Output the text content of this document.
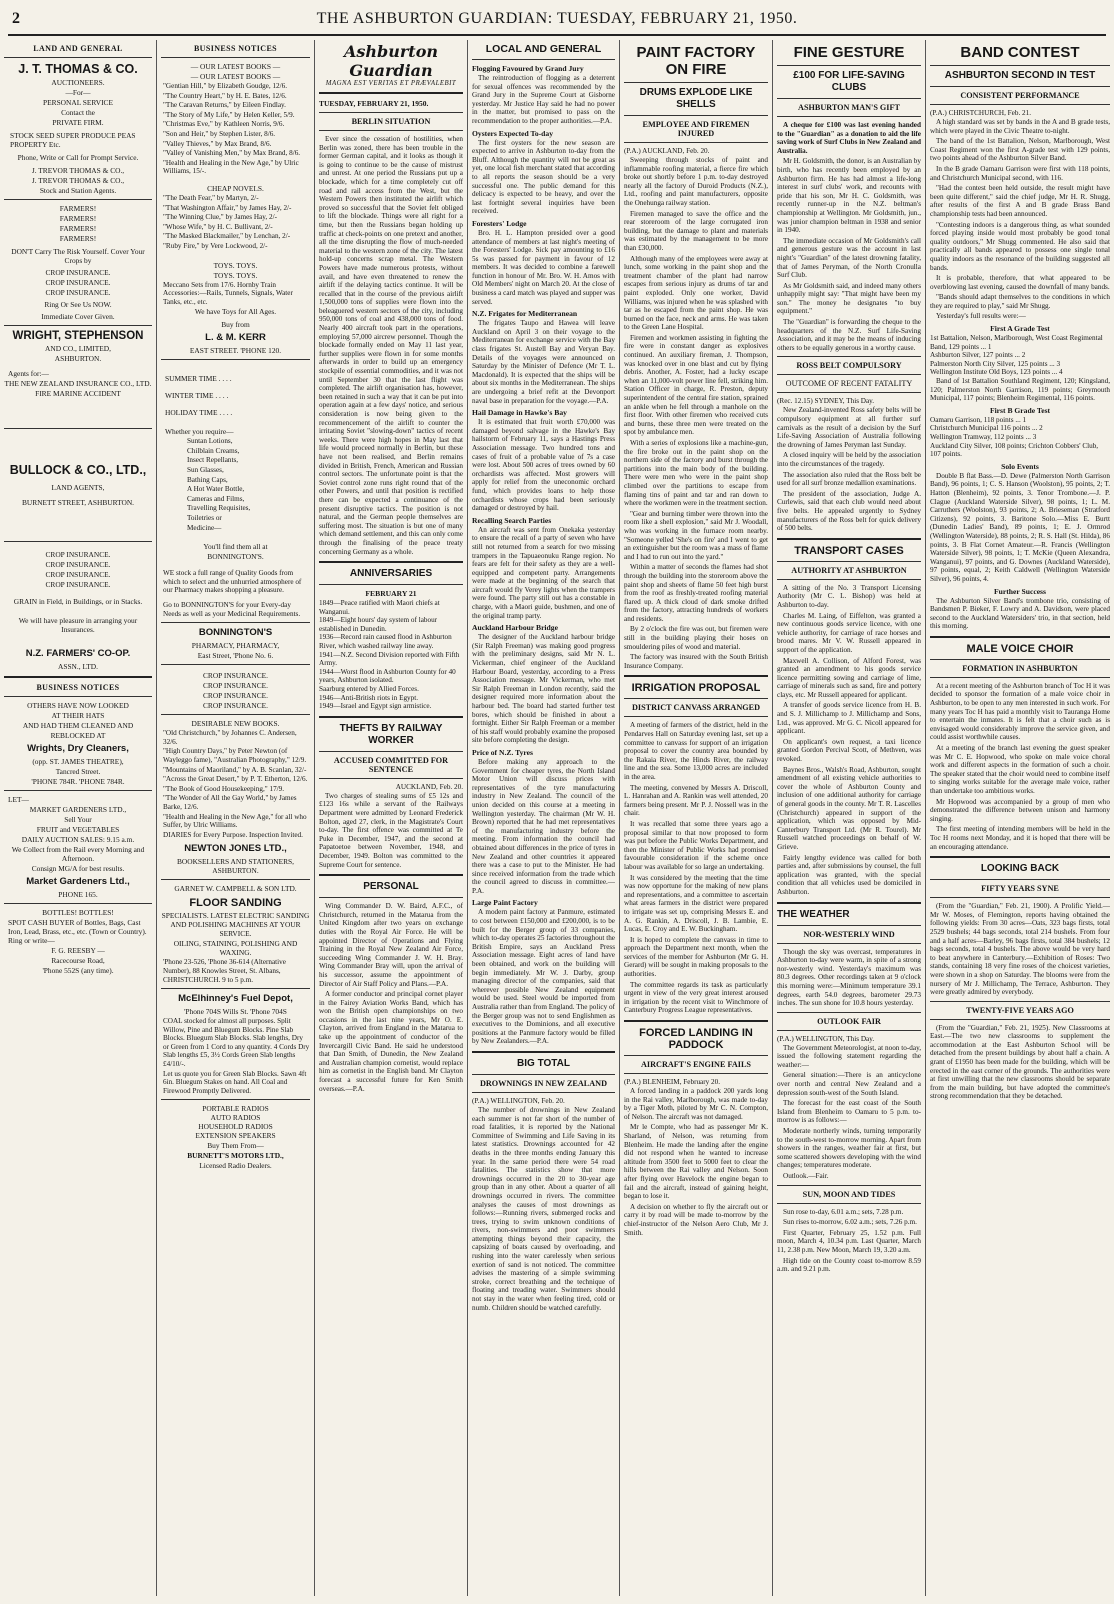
2	THE ASHBURTON GUARDIAN: TUESDAY, FEBRUARY 21, 1950.
LAND AND GENERAL
J. T. THOMAS & CO.
AUCTIONEERS.
—For—
PERSONAL SERVICE
Contact the
PRIVATE FIRM.
STOCK SEED SUPER PRODUCE PEAS PROPERTY Etc.
Phone, Write or Call for Prompt Service.
J. TREVOR THOMAS & CO.,
J. TREVOR THOMAS & CO.,
Stock and Station Agents.
FARMERS!
FARMERS!
FARMERS!
FARMERS!
DON'T Carry The Risk Yourself. Cover Your Crops by
CROP INSURANCE.
CROP INSURANCE.
CROP INSURANCE.
Ring Or See Us NOW.
Immediate Cover Given.
WRIGHT, STEPHENSON
AND CO., LIMITED,
ASHBURTON.
Agents for:—
THE NEW ZEALAND INSURANCE CO., LTD.
FIRE MARINE ACCIDENT
BULLOCK & CO., LTD.,
LAND AGENTS,
BURNETT STREET, ASHBURTON.
CROP INSURANCE.
CROP INSURANCE.
CROP INSURANCE.
CROP INSURANCE.
GRAIN in Field, in Buildings, or in Stacks.
We will have pleasure in arranging your Insurances.
N.Z. FARMERS' CO-OP.
ASSN., LTD.
BUSINESS NOTICES
OTHERS HAVE NOW LOOKED
AT THEIR HATS
AND HAD THEM CLEANED AND
REBLOCKED AT
Wrights, Dry Cleaners,
(opp. ST. JAMES THEATRE),
Tancred Street.
'PHONE 784R. 'PHONE 784R.
LET—
MARKET GARDENERS LTD.,
Sell Your
FRUIT and VEGETABLES
DAILY AUCTION SALES: 9.15 a.m.
We Collect from the Rail every Morning and Afternoon.
Consign MG/A for best results.
Market Gardeners Ltd.,
PHONE 165.
BOTTLES! BOTTLES!
SPOT CASH BUYER of Bottles, Bags, Cast Iron, Lead, Brass, etc., etc. (Town or Country). Ring or write—
F. G. REESBY —
Racecourse Road,
'Phone 552S (any time).
BUSINESS NOTICES
— OUR LATEST BOOKS —
— OUR LATEST BOOKS —
"Gentian Hill," by Elizabeth Goudge, 12/6.
"The Country Heart," by H. E. Bates, 12/6.
"The Caravan Returns," by Eileen Findlay.
"The Story of My Life," by Helen Keller, 5/9.
"Christmas Eve," by Kathleen Norris, 9/6.
"Son and Heir," by Stephen Lister, 8/6.
"Valley Thieves," by Max Brand, 8/6.
"Valley of Vanishing Men," by Max Brand, 8/6.
"Health and Healing in the New Age," by Ulric Williams, 15/-.
CHEAP NOVELS.
"The Death Fear," by Martyn, 2/-
"That Washington Affair," by James Hay, 2/-
"The Winning Clue," by James Hay, 2/-
"Whose Wife," by H. C. Bullivant, 2/-
"The Masked Blackmailer," by Lenchan, 2/-
"Ruby Fire," by Vere Lockwood, 2/-
TOYS. TOYS.
TOYS. TOYS.
Meccano Sets from 17/6. Hornby Train Accessories:—Rails, Tunnels, Signals, Water Tanks, etc., etc.
We have Toys for All Ages.
Buy from
L. & M. KERR
EAST STREET. 'PHONE 120.
SUMMER TIME . . . .
WINTER TIME . . . .
HOLIDAY TIME . . . .
Whether you require—
Suntan Lotions,
Chilblain Creams,
Insect Repellants,
Sun Glasses,
Bathing Caps,
A Hot Water Bottle,
Cameras and Films,
Travelling Requisites,
Toiletries or
Medicine—
You'll find them all at
BONNINGTON'S.
WE stock a full range of Quality Goods from which to select and the unhurried atmosphere of our Pharmacy makes shopping a pleasure.
Go to BONNINGTON'S for your Every-day Needs as well as your Medicinal Requirements.
BONNINGTON'S
PHARMACY, PHARMACY,
East Street, 'Phone No. 6.
CROP INSURANCE.
CROP INSURANCE.
CROP INSURANCE.
CROP INSURANCE.
DESIRABLE NEW BOOKS.
"Old Christchurch," by Johannes C. Andersen, 32/6.
"High Country Days," by Peter Newton (of Wayleggo fame), "Australian Photography," 12/9.
"Mountains of Maoriland," by A. B. Scanlan, 32/-
"Across the Great Desert," by P. T. Etherton, 12/6.
"The Book of Good Housekeeping," 17/9.
"The Wonder of All the Gay World," by James Barke, 12/6.
"Health and Healing in the New Age," for all who Suffer, by Ulric Williams.
DIARIES for Every Purpose. Inspection Invited.
NEWTON JONES LTD.,
BOOKSELLERS AND STATIONERS, ASHBURTON.
GARNET W. CAMPBELL & SON LTD.
FLOOR SANDING
SPECIALISTS. LATEST ELECTRIC SANDING AND POLISHING MACHINES AT YOUR SERVICE.
OILING, STAINING, POLISHING AND WAXING.
'Phone 23-526, 'Phone 36-614 (Alternative Number), 88 Knowles Street, St. Albans, CHRISTCHURCH. 9 to 5 p.m.
McElhinney's Fuel Depot,
'Phone 704S Wills St. 'Phone 704S
COAL stocked for almost all purposes. Split Willow, Pine and Bluegum Blocks. Pine Slab Blocks. Bluegum Slab Blocks. Slab lengths, Dry or Green from 1 Cord to any quantity. 4 Cords Dry Slab lengths £5, 3½ Cords Green Slab lengths £4/10/-.
Let us quote you for Green Slab Blocks. Sawn 4ft 6in. Bluegum Stakes on hand. All Coal and Firewood Promptly Delivered.
PORTABLE RADIOS
AUTO RADIOS
HOUSEHOLD RADIOS
EXTENSION SPEAKERS
Buy Them From—
BURNETT'S MOTORS LTD.,
Licensed Radio Dealers.
Ashburton Guardian
MAGNA EST VERITAS ET PRÆVALEBIT
TUESDAY, FEBRUARY 21, 1950.
BERLIN SITUATION

Ever since the cessation of hostilities, when Berlin was zoned, there has been trouble in the former German capital, and it looks as though it is going to continue to be the cause of mistrust and unrest. At one period the Russians put up a blockade, which for a time completely cut off road and rail access from the West, but the Western Powers then instituted the airlift which proved so successful that the Soviet felt obliged to lift the blockade. Things were all right for a time, but then the Russians began holding up traffic at check-points on one pretext and another, all the time disrupting the flow of much-needed material to the western zone of the city. The latest hold-up concerns scrap metal. The Western Powers have made numerous protests, without avail, and have even threatened to renew the airlift if the delaying tactics continue. It will be recalled that in the course of the previous airlift 1,500,000 tons of supplies were flown into the beleaguered western sectors of the city, including 950,000 tons of coal and 438,000 tons of food. Nearly 400 aircraft took part in the operations, employing 57,000 aircrew personnel. Though the blockade formally ended on May 11 last year, further supplies were flown in for some months afterwards in order to build up an emergency stockpile of essential commodities, and it was not until September 30 that the last flight was completed. The airlift organisation has, however, been retained in such a way that it can be put into operation again at a few days' notice, and serious consideration is now being given to the recommencement of the airlift to counter the irritating Soviet "slowing-down" tactics of recent weeks. There were high hopes in May last that life would proceed normally in Berlin, but these have not been realised, and Berlin remains divided in British, French, American and Russian control sectors. The unfortunate point is that the Soviet control zone runs right round that of the other Powers, and until that position is rectified there can be expected a continuance of the present disruptive tactics. The position is not natural, and the German people themselves are suffering most. The situation is but one of many which demand settlement, and this can only come through the finalising of the peace treaty concerning Germany as a whole.

ANNIVERSARIES
FEBRUARY 21
1849—Peace ratified with Maori chiefs at Wanganui.
1849—Eight hours' day system of labour established in Dunedin.
1936—Record rain caused flood in Ashburton River, which washed railway line away.
1941—N.Z. Second Division reported with Fifth Army.
1944—Worst flood in Ashburton County for 40 years, Ashburton isolated.
Saarburg entered by Allied Forces.
1946—Anti-British riots in Egypt.
1949—Israel and Egypt sign armistice.
THEFTS BY RAILWAY WORKER
ACCUSED COMMITTED FOR SENTENCE
AUCKLAND, Feb. 20.

Two charges of stealing sums of £5 12s and £123 16s while a servant of the Railways Department were admitted by Leonard Frederick Bolton, aged 27, clerk, in the Magistrate's Court to-day. The first offence was committed at Te Puke in December, 1947, and the second at Papatoetoe between November, 1948, and December, 1949. Bolton was committed to the Supreme Court for sentence.

PERSONAL

Wing Commander D. W. Baird, A.F.C., of Christchurch, returned in the Matarua from the United Kingdom after two years on exchange duties with the Royal Air Force. He will be appointed Director of Operations and Flying Training in the Royal New Zealand Air Force, succeeding Wing Commander J. W. H. Bray. Wing Commander Bray will, upon the arrival of his successor, assume the appointment of Director of Air Staff Policy and Plans.—P.A.

A former conductor and principal cornet player in the Fairey Aviation Works Band, which has won the British open championships on two occasions in the last nine years, Mr O. E. Clayton, arrived from England in the Matarua to take up the appointment of conductor of the Invercargill Civic Band. He said he understood that Dan Smith, of Dunedin, the New Zealand and Australian champion cornetist, would replace him as cornetist in the English band. Mr Clayton forecast a successful future for Ken Smith overseas.—P.A.

LOCAL AND GENERAL
Flogging Favoured by Grand Jury

The reintroduction of flogging as a deterrent for sexual offences was recommended by the Grand Jury in the Supreme Court at Gisborne yesterday. Mr Justice Hay said he had no power in the matter, but promised to pass on the recommendation to the proper authorities.—P.A.

Oysters Expected To-day

The first oysters for the new season are expected to arrive in Ashburton to-day from the Bluff. Although the quantity will not be great as yet, one local fish merchant stated that according to all reports the season should be a very successful one. The public demand for this delicacy is expected to be heavy, and over the last fortnight several inquiries have been received.

Foresters' Lodge

Bro. H. L. Hampton presided over a good attendance of members at last night's meeting of the Foresters' Lodge. Sick pay amounting to £16 5s was passed for payment in favour of 12 members. It was decided to combine a farewell function in honour of Mr. Bro. W. H. Amos with Old Members' night on March 20. At the close of business a card match was played and supper was served.

N.Z. Frigates for Mediterranean

The frigates Taupo and Hawea will leave Auckland on April 3 on their voyage to the Mediterranean for exchange service with the Bay class frigates St. Austell Bay and Veryan Bay. Details of the voyages were announced on Saturday by the Minister of Defence (Mr T. L. Macdonald). It is expected that the ships will be about six months in the Mediterranean. The ships are undergoing a brief refit at the Devonport naval base in preparation for the voyage.—P.A.

Hail Damage in Hawke's Bay

It is estimated that fruit worth £70,000 was damaged beyond salvage in the Hawke's Bay hailstorm of February 11, says a Hastings Press Association message. Two hundred tons and cases of fruit of a probable value of 7s a case were lost. About 500 acres of trees owned by 60 orchardists was affected. Most growers will apply for relief from the uneconomic orchard fund, which provides loans to help those orchardists whose crops had been seriously damaged or destroyed by hail.

Recalling Search Parties

An aircraft was sent from Onekaka yesterday to ensure the recall of a party of seven who have still not returned from a search for two missing trampers in the Tapuaeonuku Range region. No fears are felt for their safety as they are a well-equipped and competent party. Arrangements were made at the beginning of the search that aircraft would fly Verey lights when the trampers were found. The party still out has a constable in charge, with a Maori guide, bushmen, and one of the original tramp party.

Auckland Harbour Bridge

The designer of the Auckland harbour bridge (Sir Ralph Freeman) was making good progress with the preliminary designs, said Mr N. L. Vickerman, chief engineer of the Auckland Harbour Board, yesterday, according to a Press Association message. Mr Vickerman, who met Sir Ralph Freeman in London recently, said the designer required more information about the harbour bed. The board had started further test bores, which should be finished in about a fortnight. Either Sir Ralph Freeman or a member of his staff would probably examine the proposed site before completing the design.

Price of N.Z. Tyres

Before making any approach to the Government for cheaper tyres, the North Island Motor Union will discuss prices with representatives of the tyre manufacturing industry in New Zealand. The council of the union decided on this course at a meeting in Wellington yesterday. The chairman (Mr W. H. Brown) reported that he had met representatives of the manufacturing industry before the meeting. From information the council had obtained about differences in the price of tyres in New Zealand and other countries it appeared there was a case to put to the Minister. He had since received information from the trade which the council agreed to discuss in committee.—P.A.

Large Paint Factory

A modern paint factory at Panmure, estimated to cost between £150,000 and £200,000, is to be built for the Berger group of 33 companies, which to-day operates 25 factories throughout the British Empire, says an Auckland Press Association message. Eight acres of land have been obtained, and work on the building will begin immediately. Mr W. J. Darby, group managing director of the companies, said that wherever possible New Zealand equipment would be used. Steel would be imported from Australia rather than from England. The policy of the Berger group was not to send Englishmen as executives to the Dominions, and all executive positions at the Panmure factory would be filled by New Zealanders.—P.A.

BIG TOTAL
DROWNINGS IN NEW ZEALAND
(P.A.) WELLINGTON, Feb. 20.

The number of drownings in New Zealand each summer is not far short of the number of road fatalities, it is reported by the National Committee of Swimming and Life Saving in its latest statistics. Drownings accounted for 42 deaths in the three months ending January this year. In the same period there were 54 road fatalities. The statistics show that more drownings occurred in the 20 to 30-year age group than in any other. About a quarter of all drownings occurred in rivers. The committee analyses the causes of most drownings as follows:—Running rivers, submerged rocks and trees, trying to swim unknown conditions of rivers, non-swimmers and poor swimmers attempting things beyond their capacity, the capsizing of boats caused by overloading, and rushing into the water carelessly when serious exertion of sand is not noticed. The committee advises the mastering of a simple swimming stroke, correct breathing and the technique of floating and treading water. Swimmers should not stay in the water when feeling tired, cold or numb. Children should be watched carefully.

PAINT FACTORY ON FIRE
DRUMS EXPLODE LIKE SHELLS
EMPLOYEE AND FIREMEN INJURED
(P.A.) AUCKLAND, Feb. 20.

Sweeping through stocks of paint and inflammable roofing material, a fierce fire which broke out shortly before 1 p.m. to-day destroyed nearly all the factory of Duroid Products (N.Z.), Ltd., roofing and paint manufacturers, opposite the Onehunga railway station.

Firemen managed to save the office and the rear storeroom of the large corrugated iron building, but the damage to plant and materials was estimated by the management to be more than £30,000.

Although many of the employees were away at lunch, some working in the paint shop and the treatment chamber of the plant had narrow escapes from serious injury as drums of tar and paint exploded. Only one worker, David Williams, was injured when he was splashed with tar as he escaped from the paint shop. He was burned on the face, neck and arms. He was taken to the Green Lane Hospital.

Firemen and workmen assisting in fighting the fire were in constant danger as explosives continued. An auxiliary fireman, J. Thompson, was knocked over in one blast and cut by flying debris. Another, A. Foster, had a lucky escape when an 11,000-volt power line fell, striking him. Station Officer in charge, R. Preston, deputy superintendent of the central fire station, sprained an ankle when he fell through a manhole on the first floor. With other firemen who received cuts and burns, these three men were treated on the spot by ambulance men.

With a series of explosions like a machine-gun, the fire broke out in the paint shop on the northern side of the factory and burst through the partitions into the main body of the building. There were men who were in the paint shop climbed over the partitions to escape from flaming tins of paint and tar and ran down to where the workmen were in the treatment section.

"Gear and burning timber were thrown into the room like a shell explosion," said Mr J. Woodall, who was working in the furnace room nearby. "Someone yelled 'She's on fire' and I went to get an extinguisher but the room was a mass of flame and I had to run out into the yard."

Within a matter of seconds the flames had shot through the building into the storeroom above the paint shop and sheets of flame 50 feet high burst from the roof as freshly-treated roofing material flared up. A thick cloud of dark smoke drifted from the factory, attracting hundreds of workers and residents.

By 2 o'clock the fire was out, but firemen were still in the building playing their hoses on smouldering piles of wood and material.

The factory was insured with the South British Insurance Company.

IRRIGATION PROPOSAL
DISTRICT CANVASS ARRANGED

A meeting of farmers of the district, held in the Pendarves Hall on Saturday evening last, set up a committee to canvass for support of an irrigation proposal to cover the country area bounded by the Rakaia River, the Hinds River, the railway line and the sea. Some 13,000 acres are included in the area.

The meeting, convened by Messrs A. Driscoll, L. Hanrahan and A. Rankin was well attended, 20 farmers being present. Mr P. J. Nossell was in the chair.

It was recalled that some three years ago a proposal similar to that now proposed to form was put before the Public Works Department, and then the Minister of Public Works had promised favourable consideration if the scheme once labour was available for so large an undertaking.

It was considered by the meeting that the time was now opportune for the making of new plans and representations, and a committee to ascertain what areas farmers in the district were prepared to irrigate was set up, comprising Messrs E. and A. G. Rankin, A. Driscoll, J. B. Lambie, E. Lucas, E. Croy and E. W. Buckingham.

It is hoped to complete the canvass in time to approach the Department next month, when the services of the member for Ashburton (Mr G. H. Gerard) will be sought in making proposals to the authorities.

The committee regards its task as particularly urgent in view of the very great interest aroused in irrigation by the recent visit to Winchmore of Canterbury Progress League representatives.

FORCED LANDING IN PADDOCK
AIRCRAFT'S ENGINE FAILS
(P.A.) BLENHEIM, February 20.

A forced landing in a paddock 200 yards long in the Rai valley, Marlborough, was made to-day by a Tiger Moth, piloted by Mr C. N. Compton, of Nelson. The aircraft was not damaged.

Mr le Compte, who had as passenger Mr K. Sharland, of Nelson, was returning from Blenheim. He made the landing after the engine did not respond when he wanted to increase altitude from 3500 feet to 5000 feet to clear the hills between the Rai valley and Nelson. Soon after flying over Havelock the engine began to fail and the aircraft, instead of gaining height, began to lose it.

A decision on whether to fly the aircraft out or carry it by road will be made to-morrow by the chief-instructor of the Nelson Aero Club, Mr J. Smith.

FINE GESTURE
£100 FOR LIFE-SAVING CLUBS
ASHBURTON MAN'S GIFT

A cheque for £100 was last evening handed to the "Guardian" as a donation to aid the life saving work of Surf Clubs in New Zealand and Australia.

Mr H. Goldsmith, the donor, is an Australian by birth, who has recently been employed by an Ashburton firm. He has had almost a life-long interest in surf clubs' work, and recounts with pride that his son, Mr H. C. Goldsmith, was recently runner-up in the N.Z. beltman's championship at Wellington. Mr Goldsmith, jun., was junior champion beltman in 1938 and senior in 1940.

The immediate occasion of Mr Goldsmith's call and generous gesture was the account in last night's "Guardian" of the latest drowning fatality, that of James Peryman, of the North Cronulla Surf Club.

As Mr Goldsmith said, and indeed many others unhappily might say: "That might have been my son." The money he designates "to buy equipment."

The "Guardian" is forwarding the cheque to the headquarters of the N.Z. Surf Life-Saving Association, and it may be the means of inducing others to be equally generous in a worthy cause.

ROSS BELT COMPULSORY
OUTCOME OF RECENT FATALITY
(Rec. 12.15) SYDNEY, This Day.

New Zealand-invented Ross safety belts will be compulsory equipment at all further surf carnivals as the result of a decision by the Surf Life-Saving Association of Australia following the drowning of James Peryman last Sunday.

A closed inquiry will be held by the association into the circumstances of the tragedy.

The association also ruled that the Ross belt be used for all surf bronze medallion examinations.

The president of the association, Judge A. Curlewis, said that each club would need about five belts. He appealed urgently to Sydney manufacturers of the Ross belt for quick delivery of 500 belts.

TRANSPORT CASES
AUTHORITY AT ASHBURTON

A sitting of the No. 3 Transport Licensing Authority (Mr C. L. Bishop) was held at Ashburton to-day.

Charles M. Laing, of Eiffelton, was granted a new continuous goods service licence, with one vehicle authority, for carriage of race horses and brood mares. Mr V. W. Russell appeared in support of the application.

Maxwell A. Collison, of Alford Forest, was granted an amendment to his goods service licence permitting sowing and carriage of lime, carriage of minerals such as sand, fire and pottery clays, etc. Mr Russell appeared for applicant.

A transfer of goods service licence from H. B. and S. J. Millichamp to J. Millichamp and Sons, Ltd., was approved. Mr G. C. Nicoll appeared for applicant.

On applicant's own request, a taxi licence granted Gordon Percival Scott, of Methven, was revoked.

Baynes Bros., Walsh's Road, Ashburton, sought amendment of all existing vehicle authorities to cover the whole of Ashburton County and inclusion of one additional authority for carriage of general goods in the county. Mr T. R. Lascelles (Christchurch) appeared in support of the application, which was opposed by Mid-Canterbury Transport Ltd. (Mr R. Tourel). Mr Russell watched proceedings on behalf of W. Grieve.

Fairly lengthy evidence was called for both parties and, after submissions by counsel, the full application was granted, with the special condition that all vehicles used be domiciled in Ashburton.

THE WEATHER
NOR-WESTERLY WIND

Though the sky was overcast, temperatures in Ashburton to-day were warm, in spite of a strong nor-westerly wind. Yesterday's maximum was 80.3 degrees. Other recordings taken at 9 o'clock this morning were:—Minimum temperature 39.1 degrees, earth 54.0 degrees, barometer 29.73 inches. The sun shone for 10.8 hours yesterday.

OUTLOOK FAIR
(P.A.) WELLINGTON, This Day.

The Government Meteorologist, at noon to-day, issued the following statement regarding the weather:—

General situation:—There is an anticyclone over north and central New Zealand and a depression south-west of the South Island.

The forecast for the east coast of the South Island from Blenheim to Oamaru to 5 p.m. to-morrow is as follows:—

Moderate northerly winds, turning temporarily to the south-west to-morrow morning. Apart from showers in the ranges, weather fair at first, but some scattered showers developing with the wind changes; temperatures moderate.

Outlook.—Fair.

SUN, MOON AND TIDES

Sun rose to-day, 6.01 a.m.; sets, 7.28 p.m.

Sun rises to-morrow, 6.02 a.m.; sets, 7.26 p.m.

First Quarter, February 25, 1.52 p.m. Full moon, March 4, 10.34 p.m. Last Quarter, March 11, 2.38 p.m. New Moon, March 19, 3.20 a.m.

High tide on the County coast to-morrow 8.59 a.m. and 9.21 p.m.

BAND CONTEST
ASHBURTON SECOND IN TEST
CONSISTENT PERFORMANCE
(P.A.) CHRISTCHURCH, Feb. 21.

A high standard was set by bands in the A and B grade tests, which were played in the Civic Theatre to-night.

The band of the 1st Battalion, Nelson, Marlborough, West Coast Regiment won the first A-grade test with 129 points, two points ahead of the Ashburton Silver Band.

In the B grade Oamaru Garrison were first with 118 points, and Christchurch Municipal second, with 116.

"Had the contest been held outside, the result might have been quite different," said the chief judge, Mr H. R. Shugg, after results of the first A and B grade Brass Band championship tests had been announced.

"Contesting indoors is a dangerous thing, as what sounded forced playing inside would most probably be good tonal quality outdoors," Mr Shugg commented. He also said that practically all bands appeared to possess one single tonal quality indoors as the resonance of the building suggested all bands.

It is probable, therefore, that what appeared to be overblowing last evening, caused the downfall of many bands.

"Bands should adapt themselves to the conditions in which they are required to play," said Mr Shugg.

Yesterday's full results were:—

First A Grade Test
1st Battalion, Nelson, Marlborough, West Coast Regimental Band, 129 points ... 1
Ashburton Silver, 127 points ... 2
Palmerston North City Silver, 125 points ... 3
Wellington Institute Old Boys, 123 points ... 4

Band of 1st Battalion Southland Regiment, 120; Kingsland, 120; Palmerston North Garrison, 119 points; Greymouth Municipal, 117 points; Blenheim Regimental, 116 points.

First B Grade Test
Oamaru Garrison, 118 points ... 1
Christchurch Municipal 116 points ... 2
Wellington Tramway, 112 points ... 3
Auckland City Silver, 108 points; Crichton Cobbers' Club, 107 points.
Solo Events

Double B flat Bass.—D. Dewe (Palmerston North Garrison Band), 96 points, 1; C. S. Hanson (Woolston), 95 points, 2; T. Hatton (Blenheim), 92 points, 3. Tenor Trombone.—J. P. Clague (Auckland Waterside Silver), 98 points, 1; L. M. Carruthers (Woolston), 93 points, 2; A. Brieseman (Stratford Citizens), 92 points, 3. Baritone Solo.—Miss E. Burtt (Dunedin Ladies' Band), 89 points, 1; E. J. Ormrod (Wellington Waterside), 88 points, 2; R. S. Hall (St. Hilda), 86 points, 3. B Flat Cornet Amateur.—R. Francis (Wellington Waterside Silver), 98 points, 1; T. McKie (Queen Alexandra, Wanganui), 97 points, and G. Downes (Auckland Waterside), 97 points, equal, 2; Keith Caldwell (Wellington Waterside Silver), 96 points, 4.

Further Success

The Ashburton Silver Band's trombone trio, consisting of Bandsmen P. Bieker, F. Lowry and A. Davidson, were placed second to the Auckland Watersiders' trio, in that section, held this morning.

MALE VOICE CHOIR
FORMATION IN ASHBURTON

At a recent meeting of the Ashburton branch of Toc H it was decided to sponsor the formation of a male voice choir in Ashburton, to be open to any men interested in such work. For many years Toc H has paid a monthly visit to Tauranga Home to entertain the inmates. It is felt that a choir such as is envisaged would considerably improve the service given, and could assist worthwhile causes.

At a meeting of the branch last evening the guest speaker was Mr C. E. Hopwood, who spoke on male voice choral work and different aspects in the formation of such a choir. The speaker stated that the choir would need to combine itself to singing works suitable for the average male voice, rather than undertake too ambitious works.

Mr Hopwood was accompanied by a group of men who demonstrated the difference between unison and harmony singing.

The first meeting of intending members will be held in the Toc H rooms next Monday, and it is hoped that there will be an encouraging attendance.

LOOKING BACK
FIFTY YEARS SYNE

(From the "Guardian," Feb. 21, 1900). A Prolific Yield.—Mr W. Moses, of Flemington, reports having obtained the following yields: From 30 acres—Oats, 323 bags firsts, total 2529 bushels; 44 bags seconds, total 214 bushels. From four and a half acres—Barley, 96 bags firsts, total 384 bushels; 12 bags seconds, total 4 bushels. The above would be very hard to beat anywhere in Canterbury.—Exhibition of Roses: Two stands, containing 18 very fine roses of the choicest varieties, were shown in a shop on Saturday. The blooms were from the nursery of Mr J. Millichamp, The Terrace, Ashburton. They were greatly admired by everybody.

TWENTY-FIVE YEARS AGO

(From the "Guardian," Feb. 21, 1925). New Classrooms at East.—The two new classrooms to supplement the accommodation at the East Ashburton School will be detached from the present buildings by about half a chain. A grant of £1950 has been made for the building, which will be erected in the east corner of the grounds. The authorities were at first unwilling that the new classrooms should be separate from the main building, but have adopted the committee's strong recommendation that they be detached.
